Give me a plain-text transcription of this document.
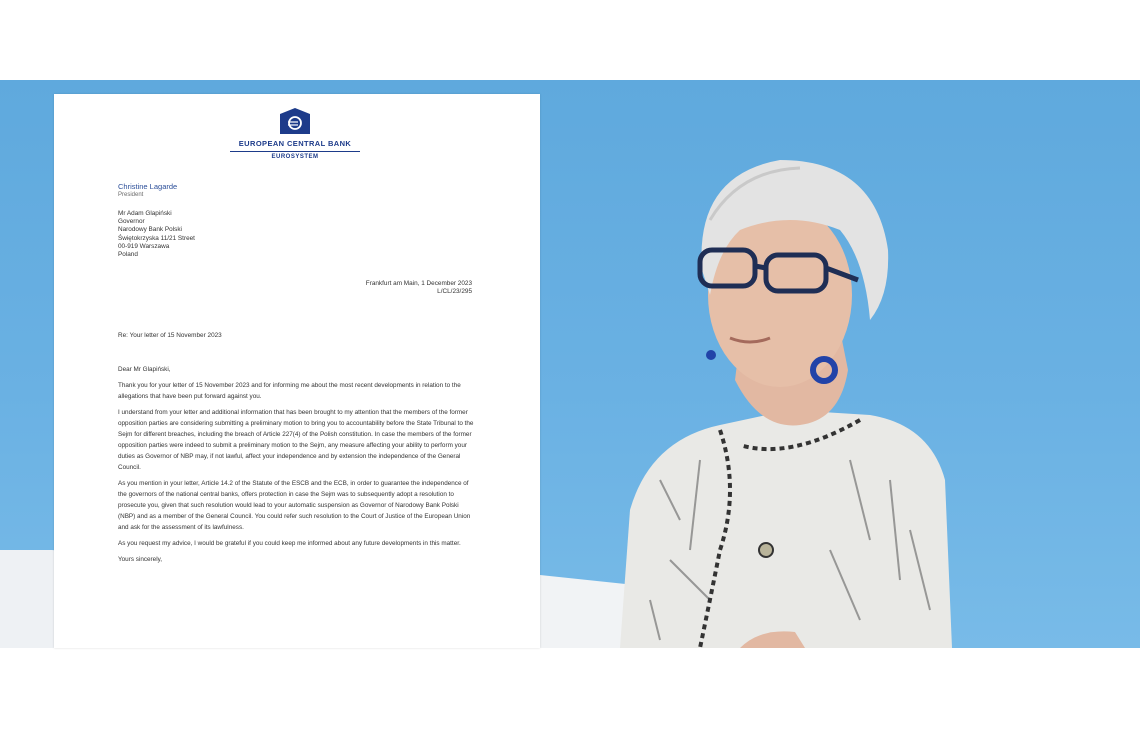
EUROPEAN CENTRAL BANK
EUROSYSTEM
Christine Lagarde
President
Mr Adam Glapiński
Governor
Narodowy Bank Polski
Świętokrzyska 11/21 Street
00-919 Warszawa
Poland
Frankfurt am Main, 1 December 2023
L/CL/23/295
Re: Your letter of 15 November 2023

Dear Mr Glapiński,

Thank you for your letter of 15 November 2023 and for informing me about the most recent developments in relation to the allegations that have been put forward against you.

I understand from your letter and additional information that has been brought to my attention that the members of the former opposition parties are considering submitting a preliminary motion to bring you to accountability before the State Tribunal to the Sejm for different breaches, including the breach of Article 227(4) of the Polish constitution. In case the members of the former opposition parties were indeed to submit a preliminary motion to the Sejm, any measure affecting your ability to perform your duties as Governor of NBP may, if not lawful, affect your independence and by extension the independence of the General Council.

As you mention in your letter, Article 14.2 of the Statute of the ESCB and the ECB, in order to guarantee the independence of the governors of the national central banks, offers protection in case the Sejm was to subsequently adopt a resolution to prosecute you, given that such resolution would lead to your automatic suspension as Governor of Narodowy Bank Polski (NBP) and as a member of the General Council. You could refer such resolution to the Court of Justice of the European Union and ask for the assessment of its lawfulness.

As you request my advice, I would be grateful if you could keep me informed about any future developments in this matter.

Yours sincerely,
